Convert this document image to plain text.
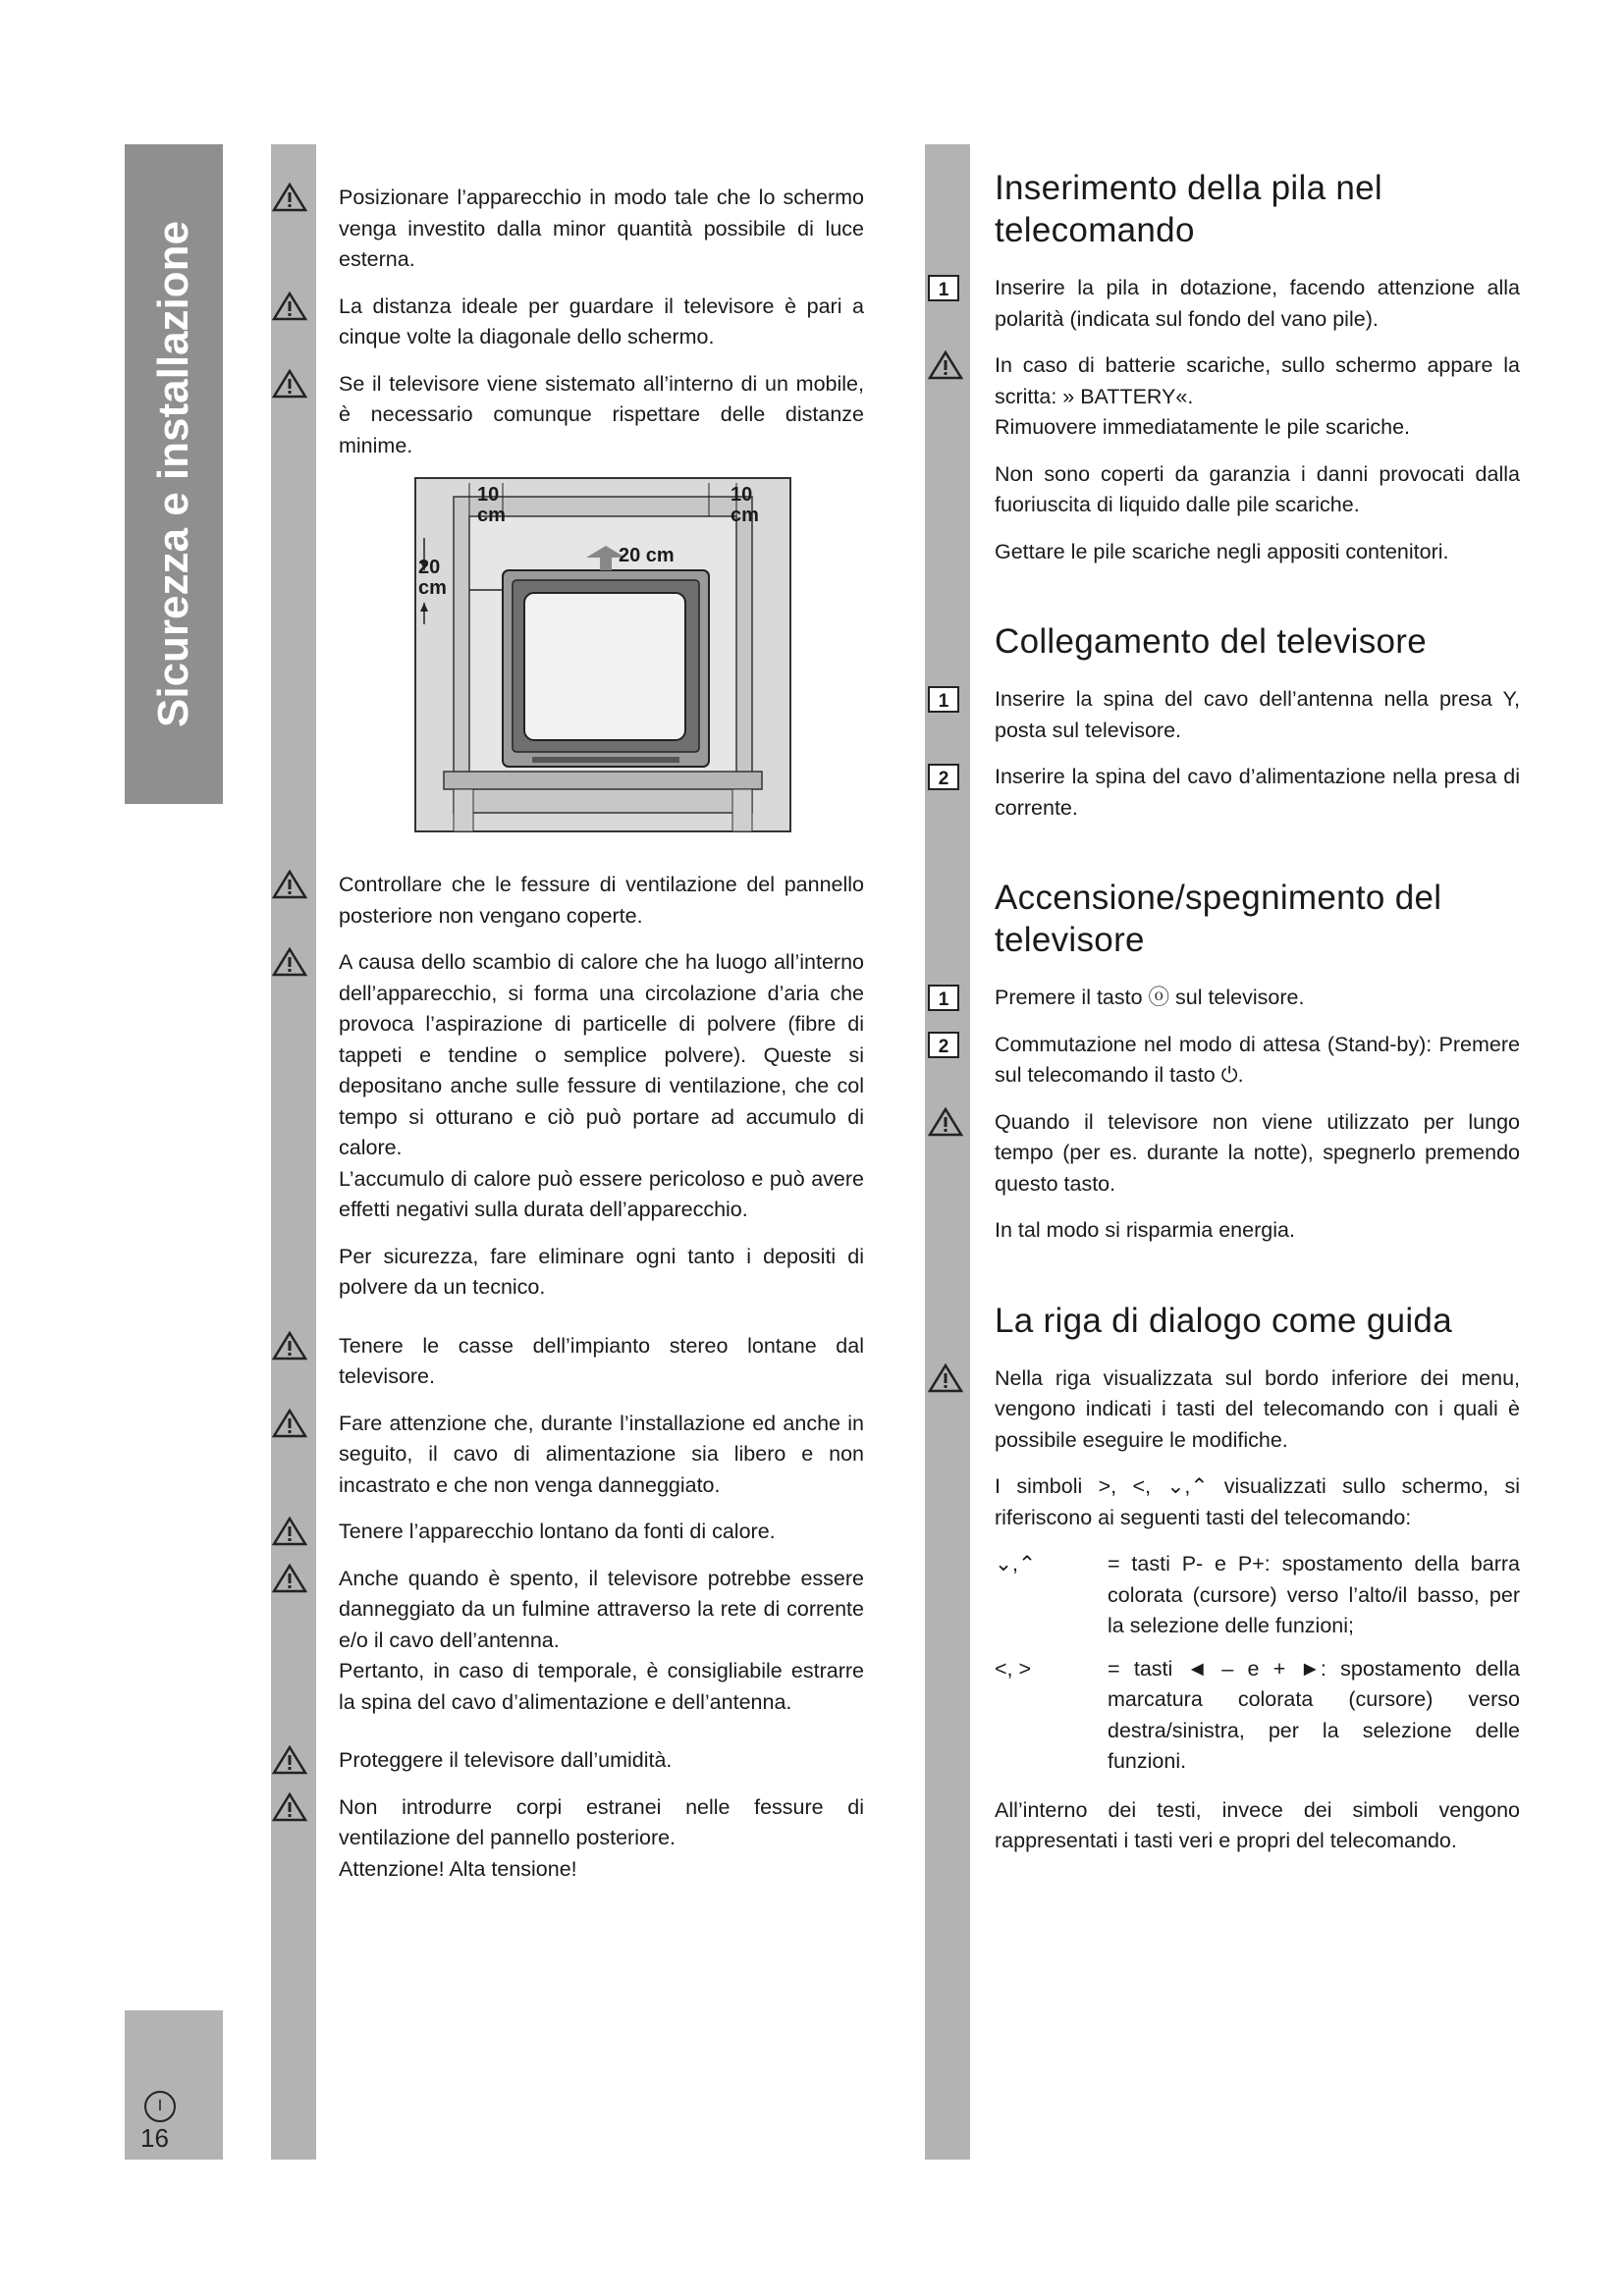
Sicurezza e installazione
I
16

Posizionare l’apparecchio in modo tale che lo schermo venga investito dalla minor quantità possibile di luce esterna.

La distanza ideale per guardare il televisore è pari a cinque volte la diagonale dello schermo.

Se il televisore viene sistemato all’interno di un mobile, è necessario comunque rispettare delle distanze minime.

10
cm
10
cm
20
cm
20 cm

Controllare che le fessure di ventilazione del pannello posteriore non vengano coperte.

A causa dello scambio di calore che ha luogo all’interno dell’apparecchio, si forma una circolazione d’aria che provoca l’aspirazione di particelle di polvere (fibre di tappeti e tendine o semplice polvere). Queste si depositano anche sulle fessure di ventilazione, che col tempo si otturano e ciò può portare ad accumulo di calore.

L’accumulo di calore può essere pericoloso e può avere effetti negativi sulla durata dell’apparecchio.

Per sicurezza, fare eliminare ogni tanto i depositi di polvere da un tecnico.

Tenere le casse dell’impianto stereo lontane dal televisore.

Fare attenzione che, durante l’installazione ed anche in seguito, il cavo di alimentazione sia libero e non incastrato e che non venga danneggiato.

Tenere l’apparecchio lontano da fonti di calore.

Anche quando è spento, il televisore potrebbe essere danneggiato da un fulmine attraverso la rete di corrente e/o il cavo dell’antenna.

Pertanto, in caso di temporale, è consigliabile estrarre la spina del cavo d’alimentazione e dell’antenna.

Proteggere il televisore dall’umidità.

Non introdurre corpi estranei nelle fessure di ventilazione del pannello posteriore.

Attenzione! Alta tensione!

Inserimento della pila nel telecomando

1	Inserire la pila in dotazione, facendo attenzione alla polarità (indicata sul fondo del vano pile).

In caso di batterie scariche, sullo schermo appare la scritta: » BATTERY«.

Rimuovere immediatamente le pile scariche.

Non sono coperti da garanzia i danni provocati dalla fuoriuscita di liquido dalle pile scariche.

Gettare le pile scariche negli appositi contenitori.

Collegamento del televisore

1	Inserire la spina del cavo dell’antenna nella presa Y, posta sul televisore.

2	Inserire la spina del cavo d’alimentazione nella presa di corrente.

Accensione/spegnimento del televisore

1	Premere il tasto ⓞ sul televisore.

2	Commutazione nel modo di attesa (Stand-by): Premere sul telecomando il tasto ⏻.

Quando il televisore non viene utilizzato per lungo tempo (per es. durante la notte), spegnerlo premendo questo tasto.

In tal modo si risparmia energia.

La riga di dialogo come guida

Nella riga visualizzata sul bordo inferiore dei menu, vengono indicati i tasti del telecomando con i quali è possibile eseguire le modifiche.

I simboli >, <, ⌄,⌃ visualizzati sullo schermo, si riferiscono ai seguenti tasti del telecomando:

⌄,⌃	= tasti P- e P+: spostamento della barra colorata (cursore) verso l’alto/il basso, per la selezione delle funzioni;
<, >	= tasti ◄ – e + ►: spostamento della marcatura colorata (cursore) verso destra/sinistra, per la selezione delle funzioni.

All’interno dei testi, invece dei simboli vengono rappresentati i tasti veri e propri del telecomando.
